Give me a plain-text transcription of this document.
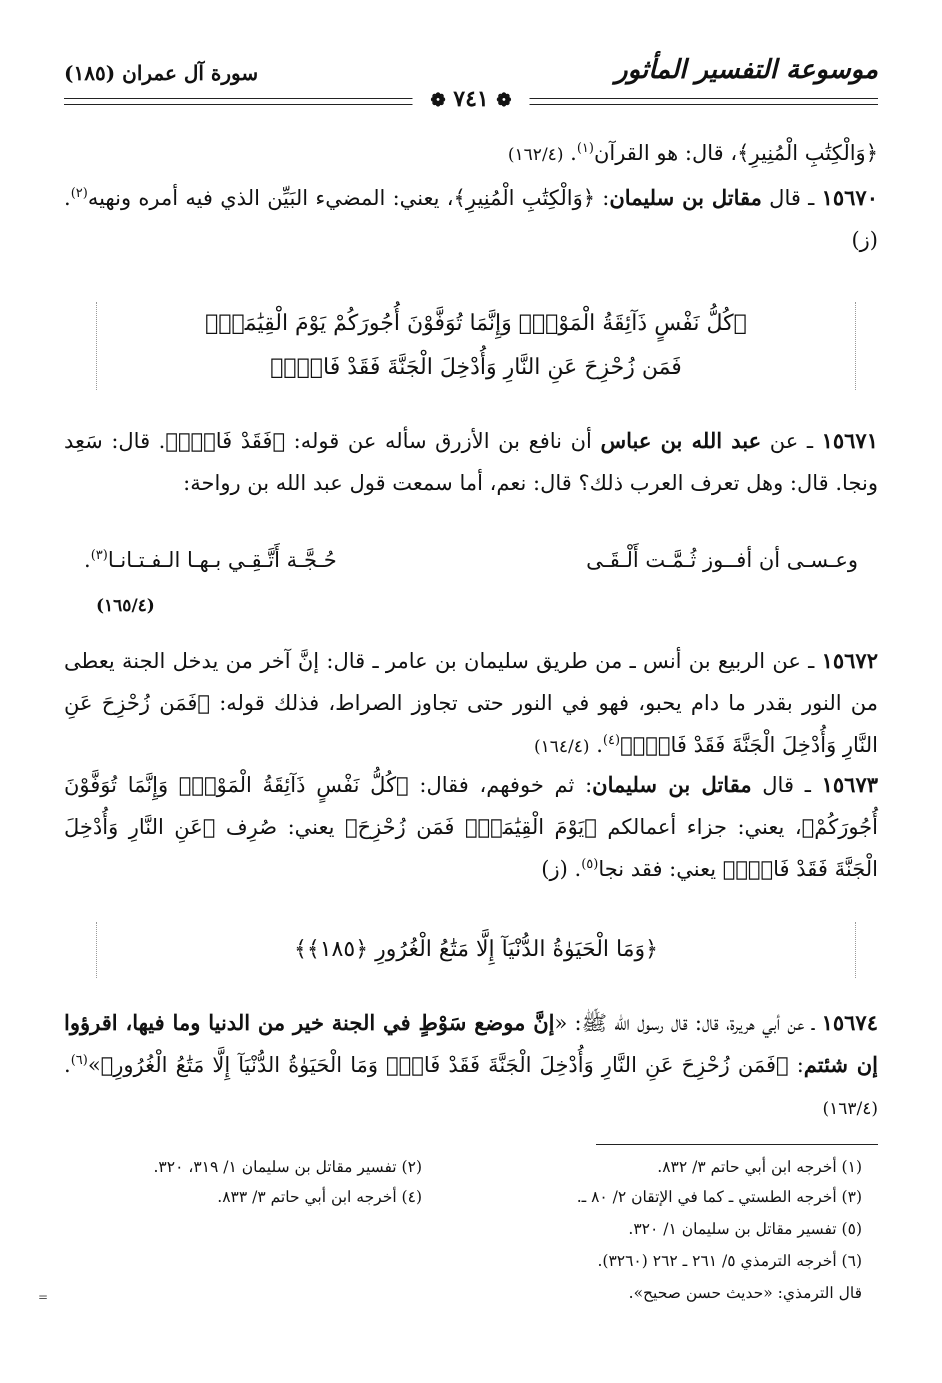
موسوعة التفسير المأثور
سورة آل عمران (١٨٥)
❁ ٧٤١ ❁
﴿وَالْكِتَٰبِ الْمُنِيرِ﴾، قال: هو القرآن$^{(١)}$. (١٦٢/٤)
١٥٦٧٠ ـ قال مقاتل بن سليمان: ﴿وَالْكِتَٰبِ الْمُنِيرِ﴾، يعني: المضيء البَيِّن الذي فيه أمره ونهيه$^{(٢)}$. (ز)
﴿كُلُّ نَفْسٍ ذَآئِقَةُ الْمَوْتِۗ وَإِنَّمَا تُوَفَّوْنَ أُجُورَكُمْ يَوْمَ الْقِيَٰمَةِۖ
فَمَن زُحْزِحَ عَنِ النَّارِ وَأُدْخِلَ الْجَنَّةَ فَقَدْ فَازَۗ﴾
١٥٦٧١ ـ عن عبد الله بن عباس أن نافع بن الأزرق سأله عن قوله: ﴿فَقَدْ فَازَۗ﴾. قال: سَعِد ونجا. قال: وهل تعرف العرب ذلك؟ قال: نعم، أما سمعت قول عبد الله بن رواحة:
وعـسـى أن أفــوز ثُـمَّـت أَلْـقَـى
حُـجَّـة أَتَّـقِـي بـهـا الـفـتـانـا$^{(٣)}$.
(١٦٥/٤)
١٥٦٧٢ ـ عن الربيع بن أنس ـ من طريق سليمان بن عامر ـ قال: إنَّ آخر من يدخل الجنة يعطى من النور بقدر ما دام يحبو، فهو في النور حتى تجاوز الصراط، فذلك قوله: ﴿فَمَن زُحْزِحَ عَنِ النَّارِ وَأُدْخِلَ الْجَنَّةَ فَقَدْ فَازَۗ﴾$^{(٤)}$. (١٦٤/٤)
١٥٦٧٣ ـ قال مقاتل بن سليمان: ثم خوفهم، فقال: ﴿كُلُّ نَفْسٍ ذَآئِقَةُ الْمَوْتِۗ وَإِنَّمَا تُوَفَّوْنَ أُجُورَكُمْ﴾، يعني: جزاء أعمالكم ﴿يَوْمَ الْقِيَٰمَةِۖ فَمَن زُحْزِحَ﴾ يعني: صُرِف ﴿عَنِ النَّارِ وَأُدْخِلَ الْجَنَّةَ فَقَدْ فَازَۗ﴾ يعني: فقد نجا$^{(٥)}$. (ز)
﴿وَمَا الْحَيَوٰةُ الدُّنْيَآ إِلَّا مَتَٰعُ الْغُرُورِ ﴿١٨٥﴾﴾
١٥٦٧٤ ـ عن أبي هريرة، قال: قال رسول الله ﷺ: «إنَّ موضع سَوْطٍ في الجنة خير من الدنيا وما فيها، اقرؤوا إن شئتم: ﴿فَمَن زُحْزِحَ عَنِ النَّارِ وَأُدْخِلَ الْجَنَّةَ فَقَدْ فَازَۗ وَمَا الْحَيَوٰةُ الدُّنْيَآ إِلَّا مَتَٰعُ الْغُرُورِ﴾»$^{(٦)}$. (١٦٣/٤)
(١) أخرجه ابن أبي حاتم ٣/ ٨٣٢.
(٢) تفسير مقاتل بن سليمان ١/ ٣١٩، ٣٢٠.
(٣) أخرجه الطستي ـ كما في الإتقان ٢/ ٨٠ ـ.
(٤) أخرجه ابن أبي حاتم ٣/ ٨٣٣.
(٥) تفسير مقاتل بن سليمان ١/ ٣٢٠.
(٦) أخرجه الترمذي ٥/ ٢٦١ ـ ٢٦٢ (٣٢٦٠).
قال الترمذي: «حديث حسن صحيح».
=
